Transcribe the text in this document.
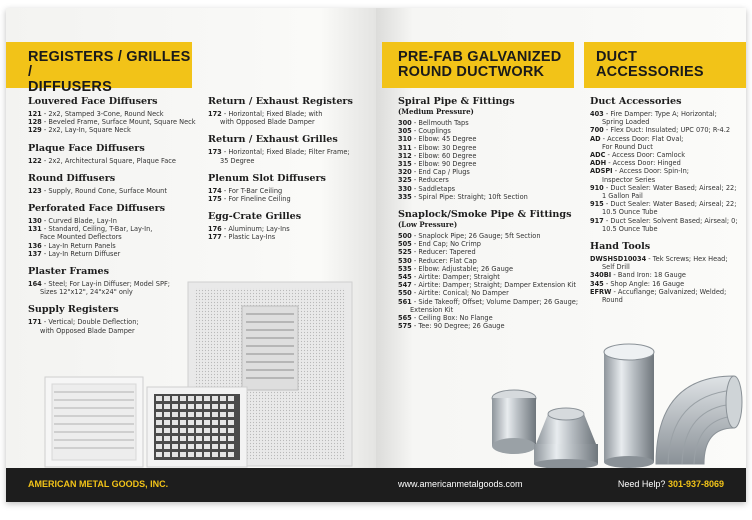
REGISTERS / GRILLES /
DIFFUSERS
Louvered Face Diffusers
121 - 2x2, Stamped 3-Cone, Round Neck
128 - Beveled Frame, Surface Mount, Square Neck
129 - 2x2, Lay-In, Square Neck
Plaque Face Diffusers
122 - 2x2, Architectural Square, Plaque Face
Round Diffusers
123 - Supply, Round Cone, Surface Mount
Perforated Face Diffusers
130 - Curved Blade, Lay-In
131 - Standard, Ceiling, T-Bar, Lay-In,
Face Mounted Deflectors
136 - Lay-In Return Panels
137 - Lay-In Return Diffuser
Plaster Frames
164 - Steel; For Lay-in Diffuser; Model SPF;
Sizes 12"x12", 24"x24" only
Supply Registers
171 - Vertical; Double Deflection;
with Opposed Blade Damper
Return / Exhaust Registers
172 - Horizontal; Fixed Blade; with
with Opposed Blade Damper
Return / Exhaust Grilles
173 - Horizontal; Fixed Blade; Filter Frame;
35 Degree
Plenum Slot Diffusers
174 - For T-Bar Ceiling
175 - For Fineline Ceiling
Egg-Crate Grilles
176 - Aluminum; Lay-Ins
177 - Plastic Lay-Ins
PRE-FAB GALVANIZED
ROUND DUCTWORK
DUCT
ACCESSORIES
Spiral Pipe & Fittings
(Medium Pressure)
300 - Bellmouth Taps
305 - Couplings
310 - Elbow: 45 Degree
311 - Elbow: 30 Degree
312 - Elbow: 60 Degree
315 - Elbow: 90 Degree
320 - End Cap / Plugs
325 - Reducers
330 - Saddletaps
335 - Spiral Pipe: Straight; 10ft Section
Snaplock/Smoke Pipe & Fittings
(Low Pressure)
500 - Snaplock Pipe; 26 Gauge; 5ft Section
505 - End Cap; No Crimp
525 - Reducer: Tapered
530 - Reducer: Flat Cap
535 - Elbow: Adjustable; 26 Gauge
545 - Airtite: Damper; Straight
547 - Airtite: Damper; Straight; Damper Extension Kit
550 - Airtite: Conical; No Damper
561 - Side Takeoff; Offset; Volume Damper; 26 Gauge;
Extension Kit
565 - Ceiling Box: No Flange
575 - Tee: 90 Degree; 26 Gauge
Duct Accessories
403 - Fire Damper: Type A; Horizontal;
Spring Loaded
700 - Flex Duct: Insulated; UPC 070; R-4.2
AD - Access Door: Flat Oval;
For Round Duct
ADC - Access Door: Camlock
ADH - Access Door: Hinged
ADSPI - Access Door: Spin-In;
Inspector Series
910 - Duct Sealer: Water Based; Airseal; 22;
1 Gallon Pail
915 - Duct Sealer: Water Based; Airseal; 22;
10.5 Ounce Tube
917 - Duct Sealer: Solvent Based; Airseal; 0;
10.5 Ounce Tube
Hand Tools
DWSHSD10034 - Tek Screws; Hex Head;
Self Drill
340BI - Band Iron: 18 Gauge
345 - Shop Angle: 16 Gauge
EFRW - Accuflange; Galvanized; Welded;
Round
AMERICAN METAL GOODS, INC.	www.americanmetalgoods.com	Need Help? 301-937-8069
